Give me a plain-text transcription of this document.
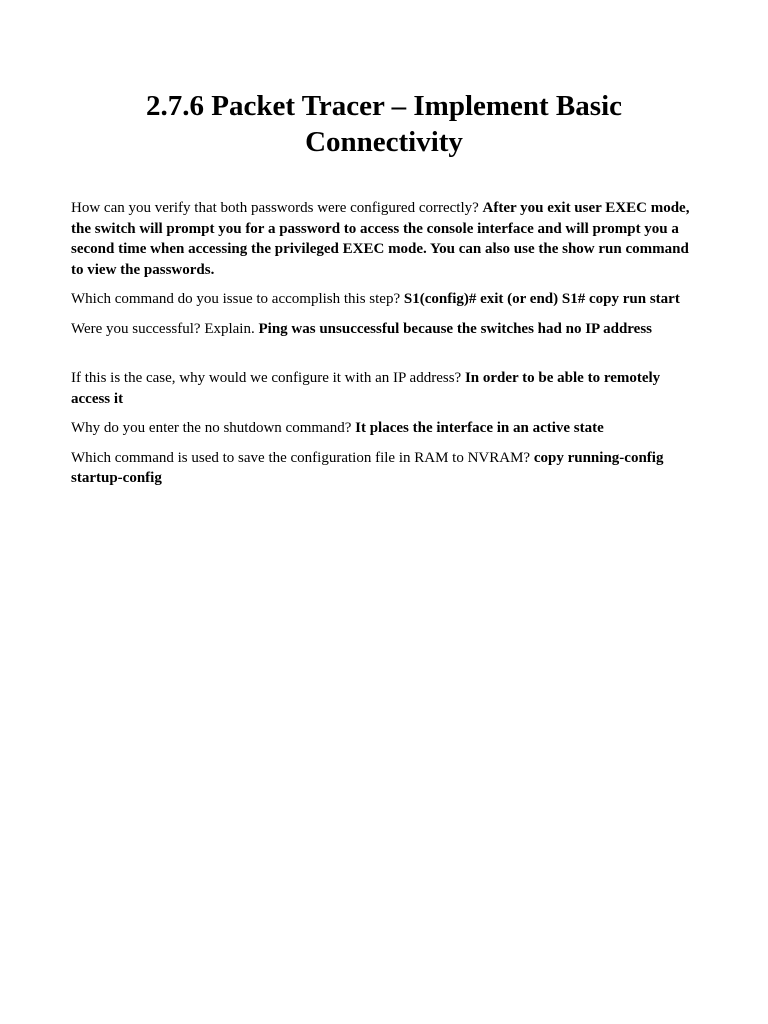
2.7.6 Packet Tracer – Implement Basic Connectivity

How can you verify that both passwords were configured correctly? After you exit user EXEC mode, the switch will prompt you for a password to access the console interface and will prompt you a second time when accessing the privileged EXEC mode. You can also use the show run command to view the passwords.

Which command do you issue to accomplish this step? S1(config)# exit (or end) S1# copy run start

Were you successful? Explain. Ping was unsuccessful because the switches had no IP address

If this is the case, why would we configure it with an IP address? In order to be able to remotely access it

Why do you enter the no shutdown command? It places the interface in an active state

Which command is used to save the configuration file in RAM to NVRAM? copy running-config startup-config
